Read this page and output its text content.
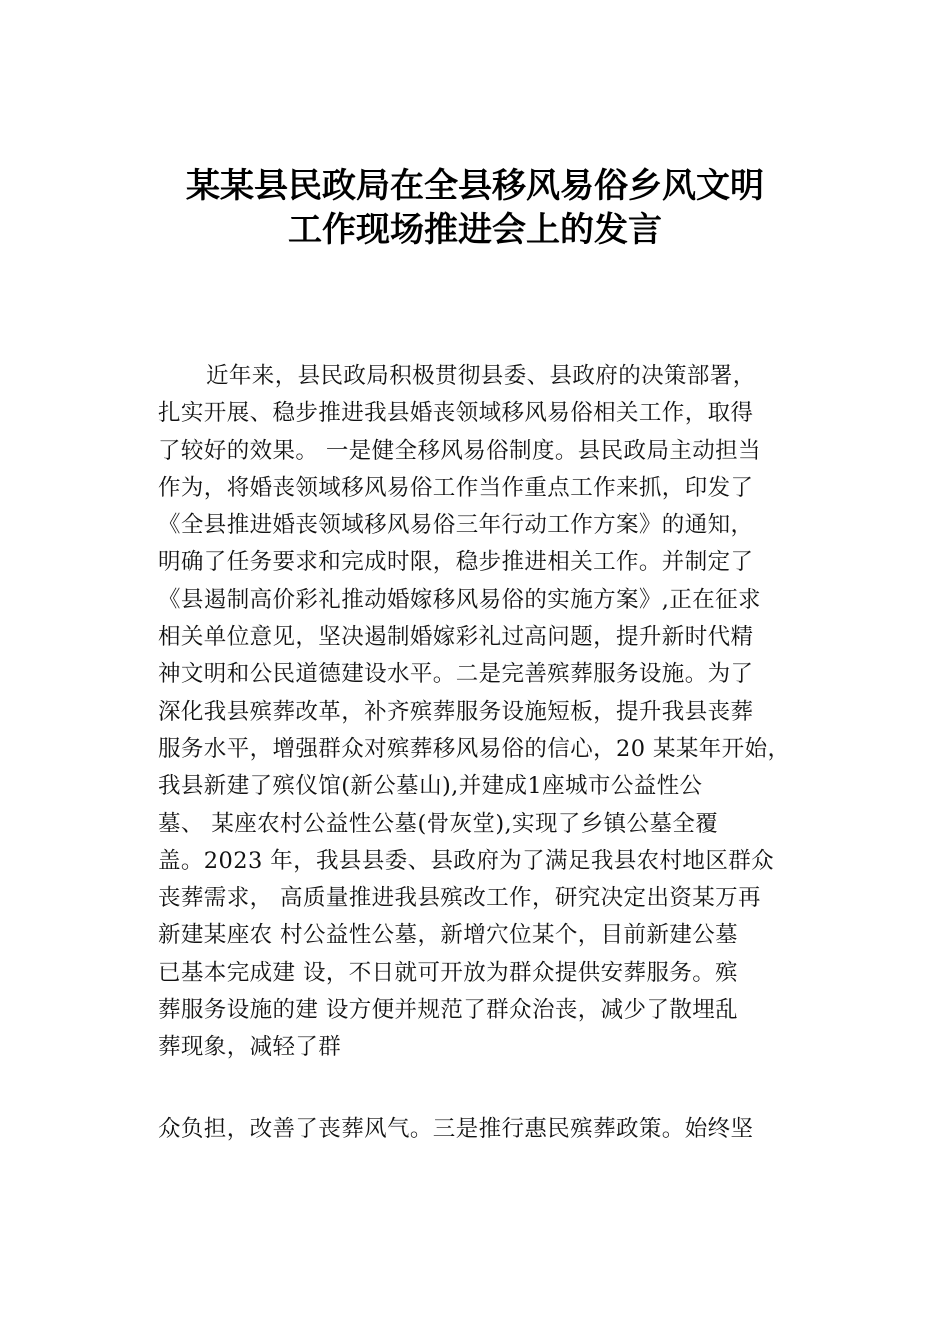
某某县民政局在全县移风易俗乡风文明
工作现场推进会上的发言
近年来，县民政局积极贯彻县委、县政府的决策部署，
扎实开展、稳步推进我县婚丧领域移风易俗相关工作，取得
了较好的效果。 一是健全移风易俗制度。县民政局主动担当
作为，将婚丧领域移风易俗工作当作重点工作来抓，印发了
《全县推进婚丧领域移风易俗三年行动工作方案》的通知，
明确了任务要求和完成时限，稳步推进相关工作。并制定了
《县遏制高价彩礼推动婚嫁移风易俗的实施方案》,正在征求
相关单位意见，坚决遏制婚嫁彩礼过高问题，提升新时代精
神文明和公民道德建设水平。二是完善殡葬服务设施。为了
深化我县殡葬改革，补齐殡葬服务设施短板，提升我县丧葬
服务水平，增强群众对殡葬移风易俗的信心，20 某某年开始，
我县新建了殡仪馆(新公墓山),并建成1座城市公益性公
墓、 某座农村公益性公墓(骨灰堂),实现了乡镇公墓全覆
盖。2023 年，我县县委、县政府为了满足我县农村地区群众
丧葬需求， 高质量推进我县殡改工作，研究决定出资某万再
新建某座农 村公益性公墓，新增穴位某个，目前新建公墓
已基本完成建 设，不日就可开放为群众提供安葬服务。殡
葬服务设施的建 设方便并规范了群众治丧，减少了散埋乱
葬现象，减轻了群
众负担，改善了丧葬风气。三是推行惠民殡葬政策。始终坚
